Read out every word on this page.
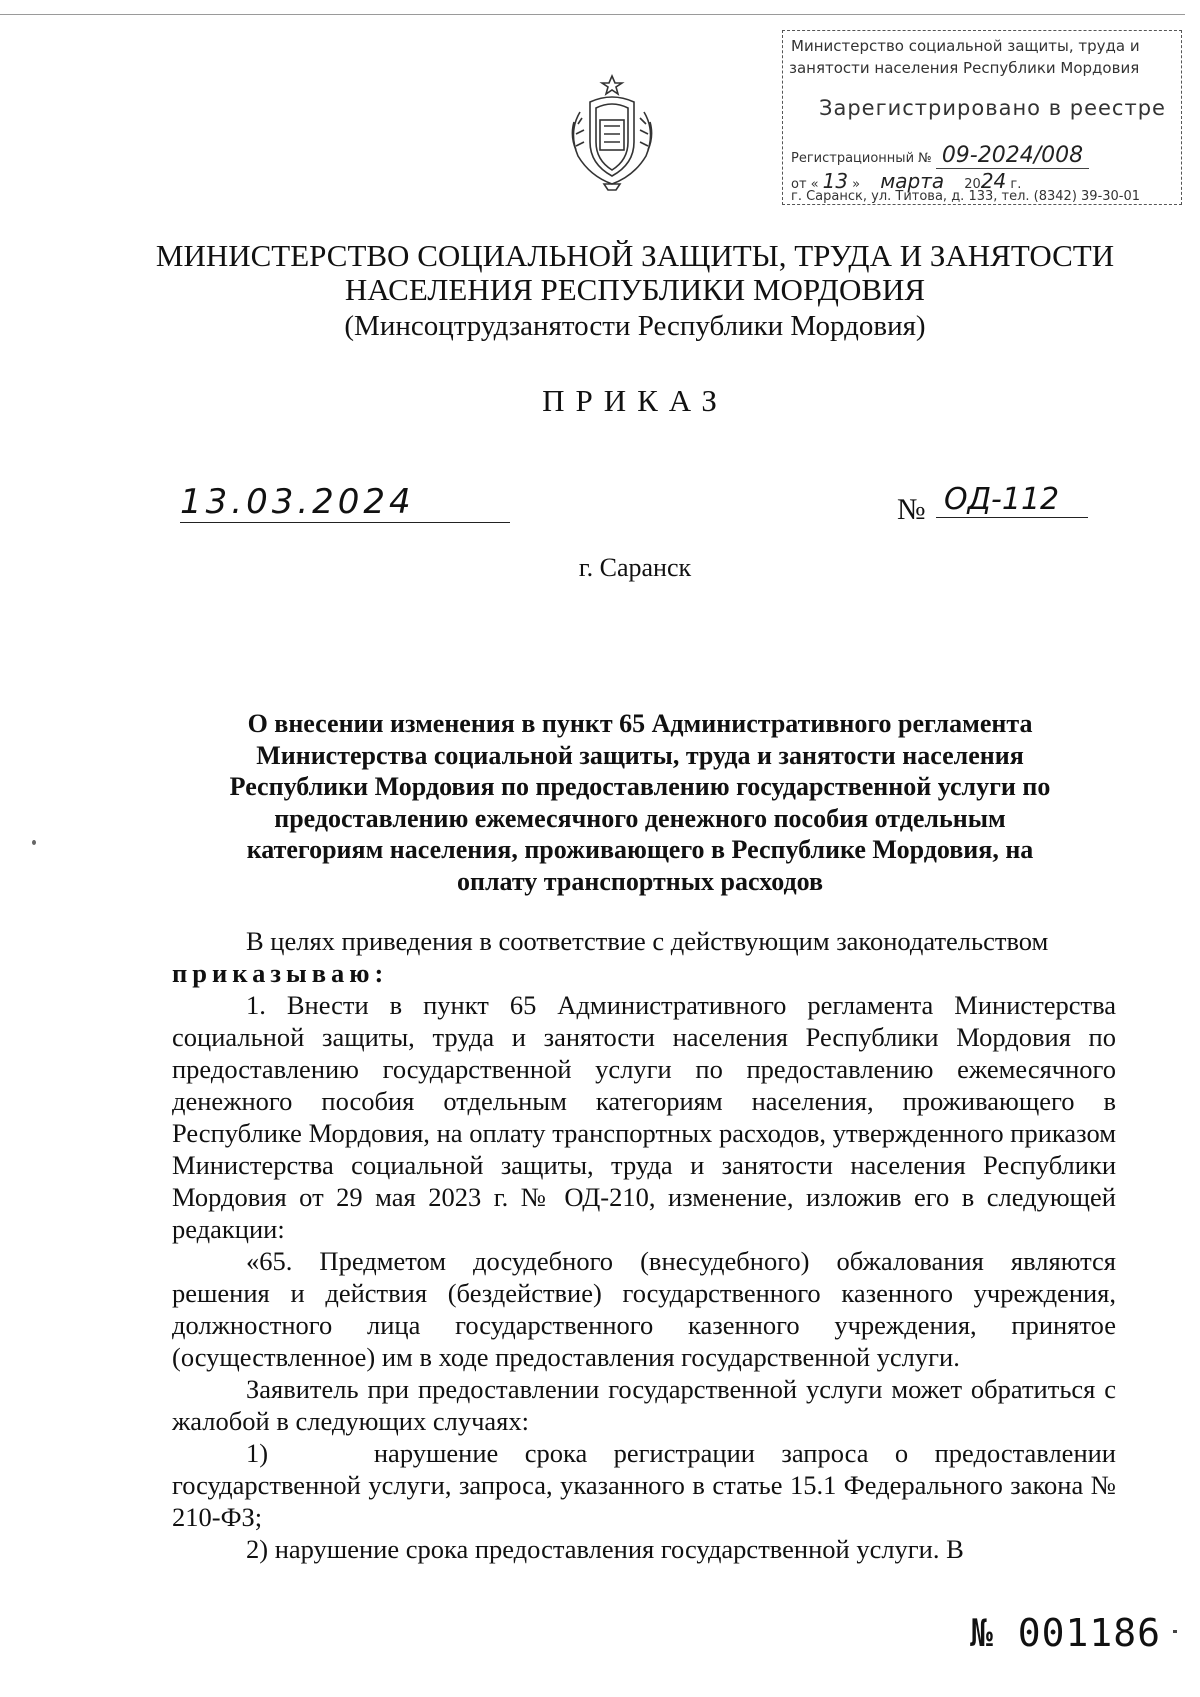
Министерство социальной защиты, труда и
занятости населения Республики Мордовия
Зарегистрировано в реестре
Регистрационный № 09-2024/008
от « 13 » марта 2024 г.
г. Саранск, ул. Титова, д. 133, тел. (8342) 39-30-01
МИНИСТЕРСТВО СОЦИАЛЬНОЙ ЗАЩИТЫ, ТРУДА И ЗАНЯТОСТИ
НАСЕЛЕНИЯ РЕСПУБЛИКИ МОРДОВИЯ
(Минсоцтрудзанятости Республики Мордовия)
ПРИКАЗ
13.03.2024	№ ОД-112
г. Саранск
О внесении изменения в пункт 65 Административного регламента
Министерства социальной защиты, труда и занятости населения
Республики Мордовия по предоставлению государственной услуги по
предоставлению ежемесячного денежного пособия отдельным
категориям населения, проживающего в Республике Мордовия, на
оплату транспортных расходов

В целях приведения в соответствие с действующим законодательством

приказываю:

1. Внести в пункт 65 Административного регламента Министерства социальной защиты, труда и занятости населения Республики Мордовия по предоставлению государственной услуги по предоставлению ежемесячного денежного пособия отдельным категориям населения, проживающего в Республике Мордовия, на оплату транспортных расходов, утвержденного приказом Министерства социальной защиты, труда и занятости населения Республики Мордовия от 29 мая 2023 г. № ОД-210, изменение, изложив его в следующей редакции:

«65. Предметом досудебного (внесудебного) обжалования являются решения и действия (бездействие) государственного казенного учреждения, должностного лица государственного казенного учреждения, принятое (осуществленное) им в ходе предоставления государственной услуги.

Заявитель при предоставлении государственной услуги может обратиться с жалобой в следующих случаях:

1)    нарушение срока регистрации запроса о предоставлении государственной услуги, запроса, указанного в статье 15.1 Федерального закона № 210-ФЗ;

2) нарушение срока предоставления государственной услуги. В

№ 001186
